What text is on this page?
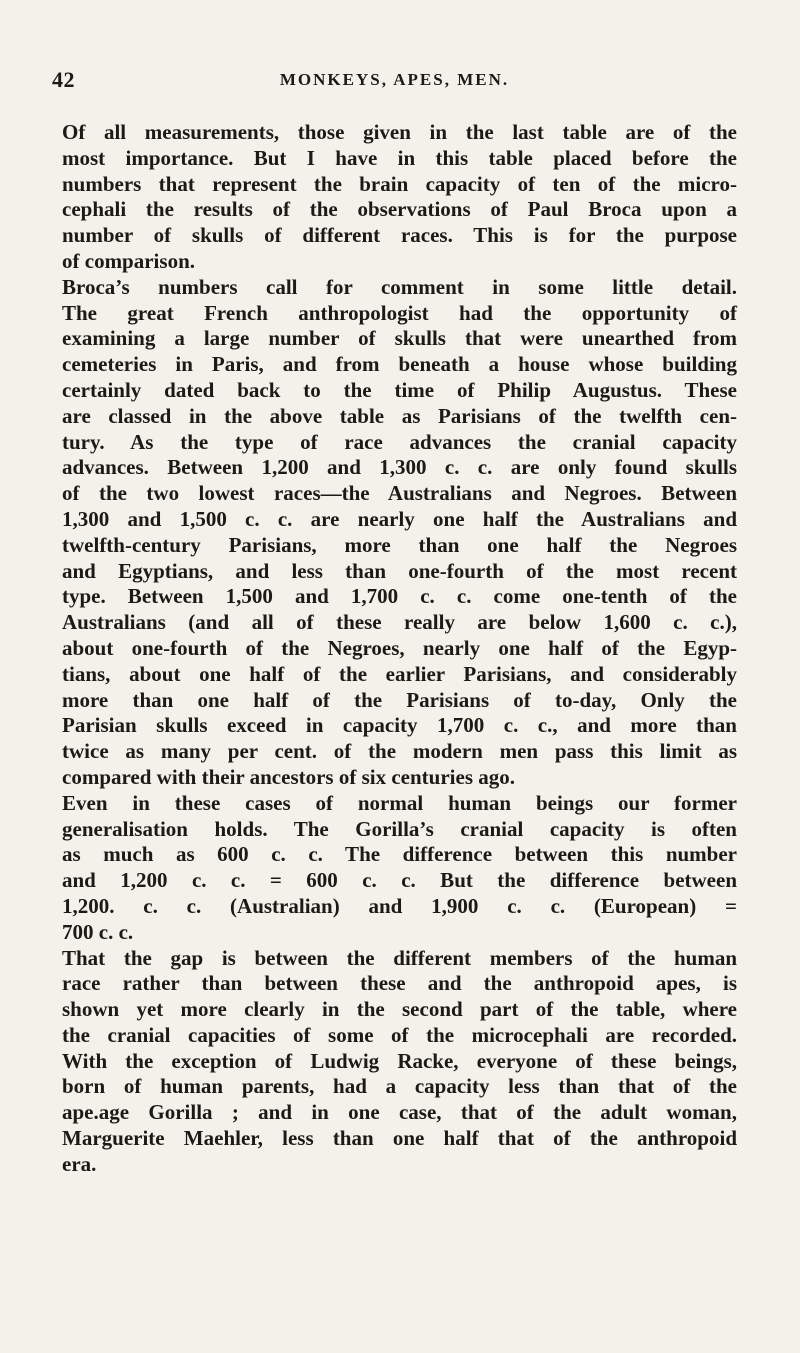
42	MONKEYS, APES, MEN.

Of all measurements, those given in the last table are of the

most importance. But I have in this table placed before the

numbers that represent the brain capacity of ten of the micro-

cephali the results of the observations of Paul Broca upon a

number of skulls of different races. This is for the purpose

of comparison.

Broca’s numbers call for comment in some little detail.

The great French anthropologist had the opportunity of

examining a large number of skulls that were unearthed from

cemeteries in Paris, and from beneath a house whose building

certainly dated back to the time of Philip Augustus. These

are classed in the above table as Parisians of the twelfth cen-

tury. As the type of race advances the cranial capacity

advances. Between 1,200 and 1,300 c. c. are only found skulls

of the two lowest races—the Australians and Negroes. Between

1,300 and 1,500 c. c. are nearly one half the Australians and

twelfth-century Parisians, more than one half the Negroes

and Egyptians, and less than one-fourth of the most recent

type. Between 1,500 and 1,700 c. c. come one-tenth of the

Australians (and all of these really are below 1,600 c. c.),

about one-fourth of the Negroes, nearly one half of the Egyp-

tians, about one half of the earlier Parisians, and considerably

more than one half of the Parisians of to-day, Only the

Parisian skulls exceed in capacity 1,700 c. c., and more than

twice as many per cent. of the modern men pass this limit as

compared with their ancestors of six centuries ago.

Even in these cases of normal human beings our former

generalisation holds. The Gorilla’s cranial capacity is often

as much as 600 c. c. The difference between this number

and 1,200 c. c. = 600 c. c. But the difference between

1,200. c. c. (Australian) and 1,900 c. c. (European) =

700 c. c.

That the gap is between the different members of the human

race rather than between these and the anthropoid apes, is

shown yet more clearly in the second part of the table, where

the cranial capacities of some of the microcephali are recorded.

With the exception of Ludwig Racke, everyone of these beings,

born of human parents, had a capacity less than that of the

ape.age Gorilla ; and in one case, that of the adult woman,

Marguerite Maehler, less than one half that of the anthropoid

era.
